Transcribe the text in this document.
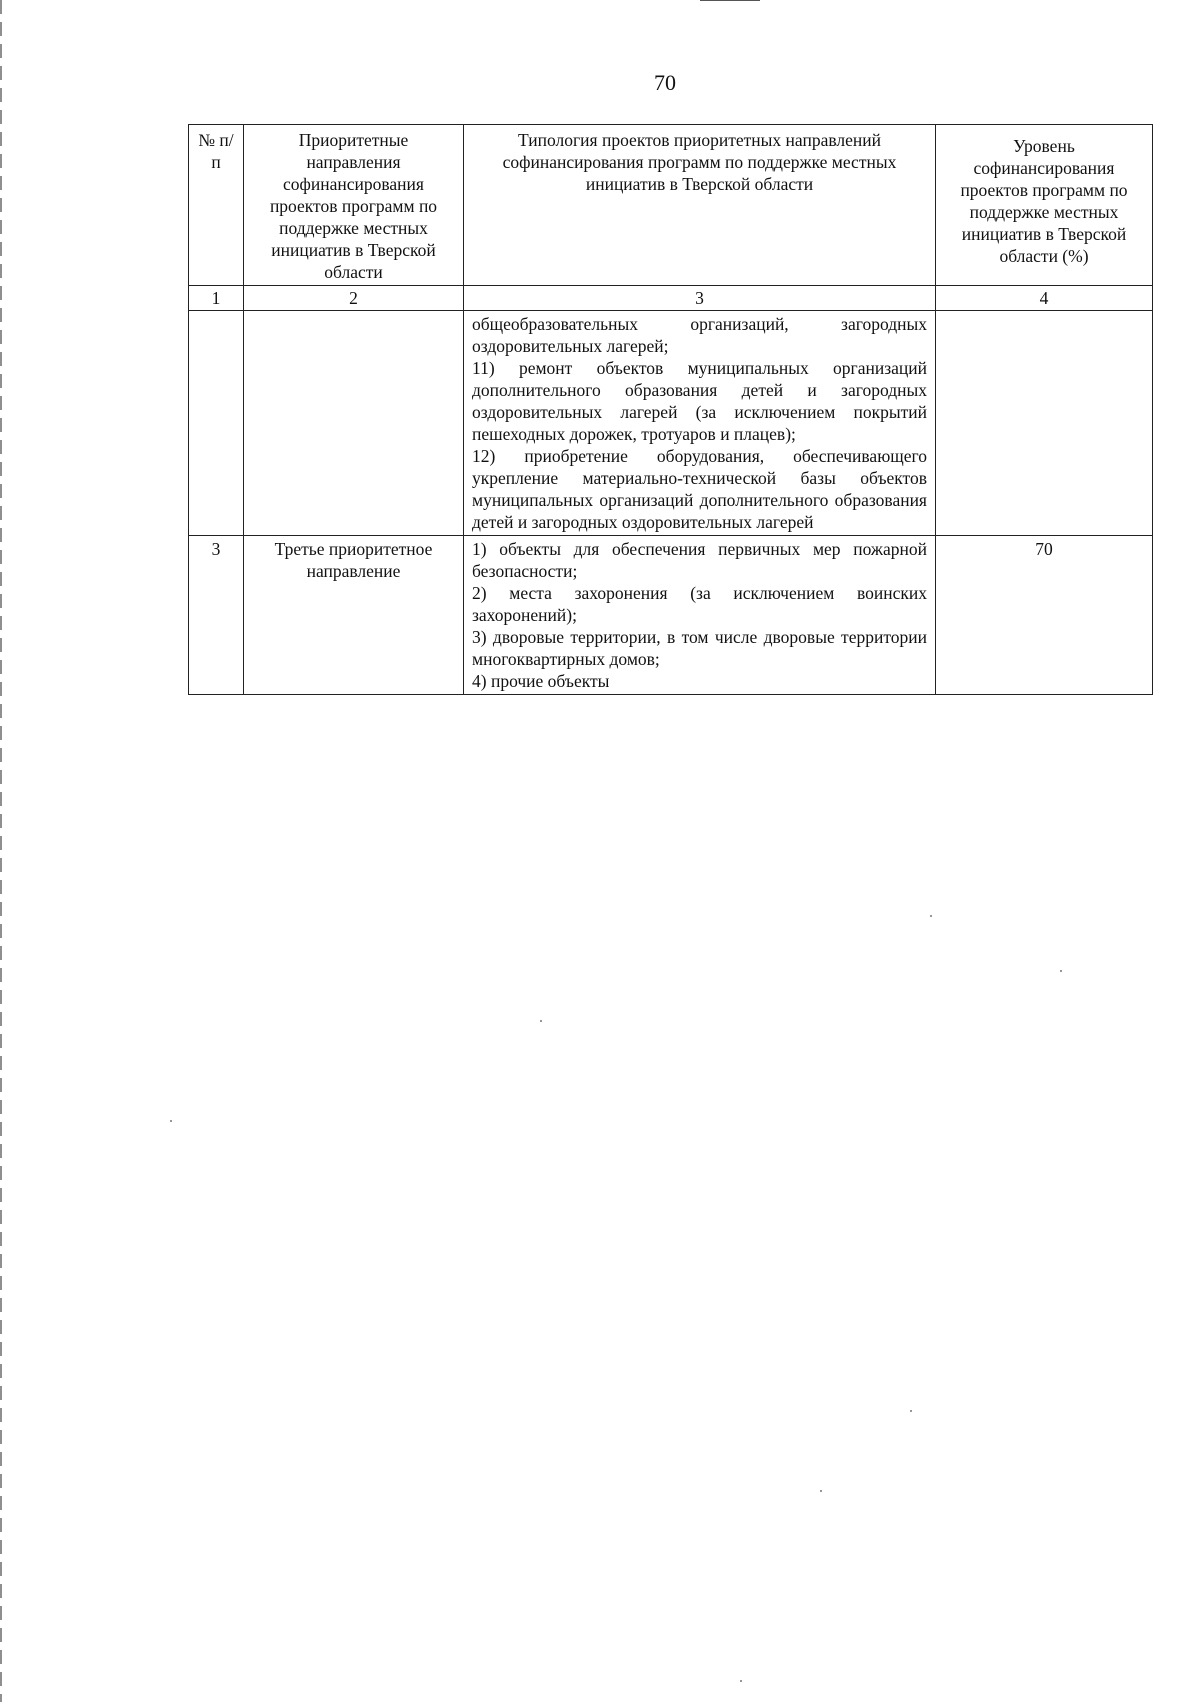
70
№ п/п	Приоритетные направления софинансирования проектов программ по поддержке местных инициатив в Тверской области	Типология проектов приоритетных направлений софинансирования программ по поддержке местных инициатив в Тверской области	Уровень софинансирования проектов программ по поддержке местных инициатив в Тверской области (%)
1	2	3	4

		общеобразовательных организаций, загородных оздоровительных лагерей;
11) ремонт объектов муниципальных организаций дополнительного образования детей и загородных оздоровительных лагерей (за исключением покрытий пешеходных дорожек, тротуаров и плацев);
12) приобретение оборудования, обеспечивающего укрепление материально-технической базы объектов муниципальных организаций дополнительного образования детей и загородных оздоровительных лагерей	

3	Третье приоритетное направление	1) объекты для обеспечения первичных мер пожарной безопасности;
2) места захоронения (за исключением воинских захоронений);
3) дворовые территории, в том числе дворовые территории многоквартирных домов;
4) прочие объекты	70
